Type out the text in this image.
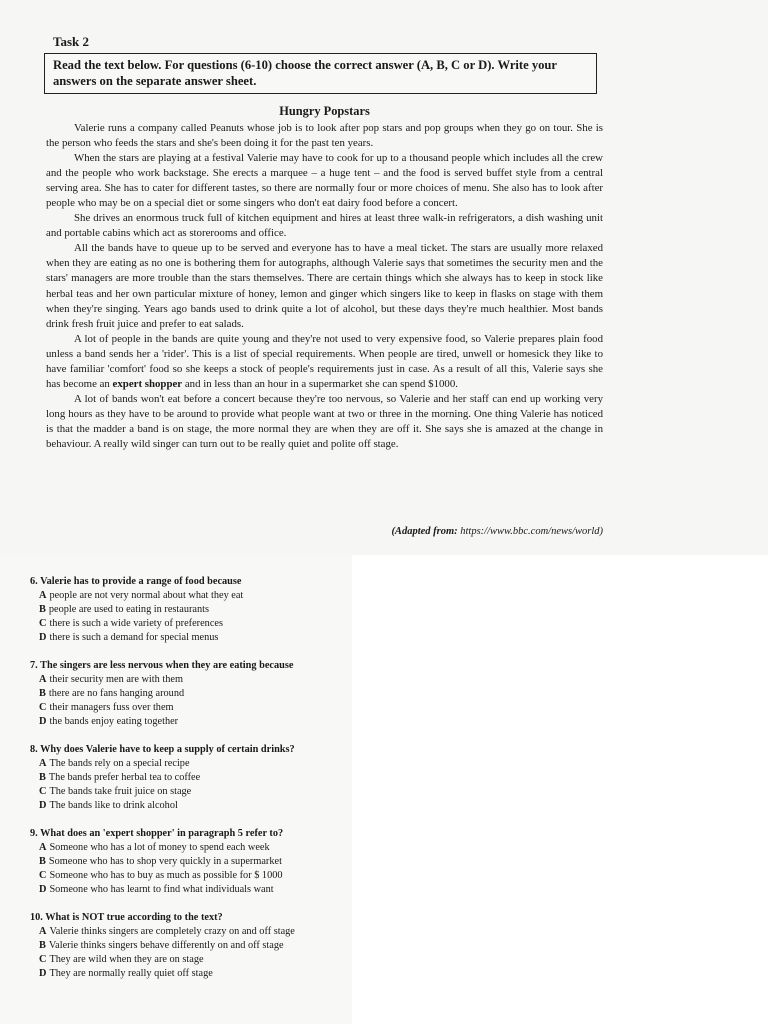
Task 2
Read the text below. For questions (6-10) choose the correct answer (A, B, C or D). Write your answers on the separate answer sheet.
Hungry Popstars

Valerie runs a company called Peanuts whose job is to look after pop stars and pop groups when they go on tour. She is the person who feeds the stars and she's been doing it for the past ten years.

When the stars are playing at a festival Valerie may have to cook for up to a thousand people which includes all the crew and the people who work backstage. She erects a marquee – a huge tent – and the food is served buffet style from a central serving area. She has to cater for different tastes, so there are normally four or more choices of menu. She also has to look after people who may be on a special diet or some singers who don't eat dairy food before a concert.

She drives an enormous truck full of kitchen equipment and hires at least three walk-in refrigerators, a dish washing unit and portable cabins which act as storerooms and office.

All the bands have to queue up to be served and everyone has to have a meal ticket. The stars are usually more relaxed when they are eating as no one is bothering them for autographs, although Valerie says that sometimes the security men and the stars' managers are more trouble than the stars themselves. There are certain things which she always has to keep in stock like herbal teas and her own particular mixture of honey, lemon and ginger which singers like to keep in flasks on stage with them when they're singing. Years ago bands used to drink quite a lot of alcohol, but these days they're much healthier. Most bands drink fresh fruit juice and prefer to eat salads.

A lot of people in the bands are quite young and they're not used to very expensive food, so Valerie prepares plain food unless a band sends her a 'rider'. This is a list of special requirements. When people are tired, unwell or homesick they like to have familiar 'comfort' food so she keeps a stock of people's requirements just in case. As a result of all this, Valerie says she has become an expert shopper and in less than an hour in a supermarket she can spend $1000.

A lot of bands won't eat before a concert because they're too nervous, so Valerie and her staff can end up working very long hours as they have to be around to provide what people want at two or three in the morning. One thing Valerie has noticed is that the madder a band is on stage, the more normal they are when they are off it. She says she is amazed at the change in behaviour. A really wild singer can turn out to be really quiet and polite off stage.

(Adapted from: https://www.bbc.com/news/world)
6. Valerie has to provide a range of food because
A people are not very normal about what they eat
B people are used to eating in restaurants
C there is such a wide variety of preferences
D there is such a demand for special menus
7. The singers are less nervous when they are eating because
A their security men are with them
B there are no fans hanging around
C their managers fuss over them
D the bands enjoy eating together
8. Why does Valerie have to keep a supply of certain drinks?
A The bands rely on a special recipe
B The bands prefer herbal tea to coffee
C The bands take fruit juice on stage
D The bands like to drink alcohol
9. What does an 'expert shopper' in paragraph 5 refer to?
A Someone who has a lot of money to spend each week
B Someone who has to shop very quickly in a supermarket
C Someone who has to buy as much as possible for $ 1000
D Someone who has learnt to find what individuals want
10. What is NOT true according to the text?
A Valerie thinks singers are completely crazy on and off stage
B Valerie thinks singers behave differently on and off stage
C They are wild when they are on stage
D They are normally really quiet off stage
